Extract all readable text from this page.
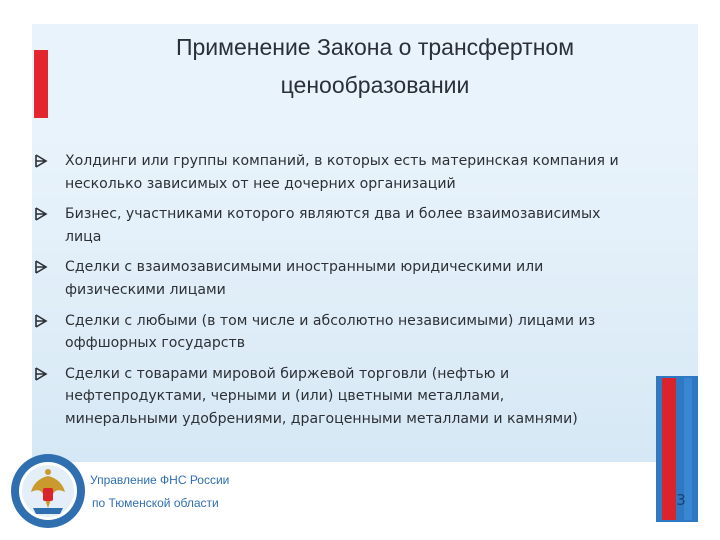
Применение Закона о трансфертном
ценообразовании
Холдинги или группы компаний, в которых есть материнская компания и
несколько зависимых от нее дочерних организаций
Бизнес, участниками которого являются два и более взаимозависимых
лица
Сделки с взаимозависимыми иностранными юридическими или
физическими лицами
Сделки с любыми (в том числе и абсолютно независимыми) лицами из
оффшорных государств
Сделки с товарами мировой биржевой торговли (нефтью и
нефтепродуктами, черными и (или) цветными металлами,
минеральными удобрениями, драгоценными металлами и камнями)
3
Управление ФНС России
по Тюменской области
